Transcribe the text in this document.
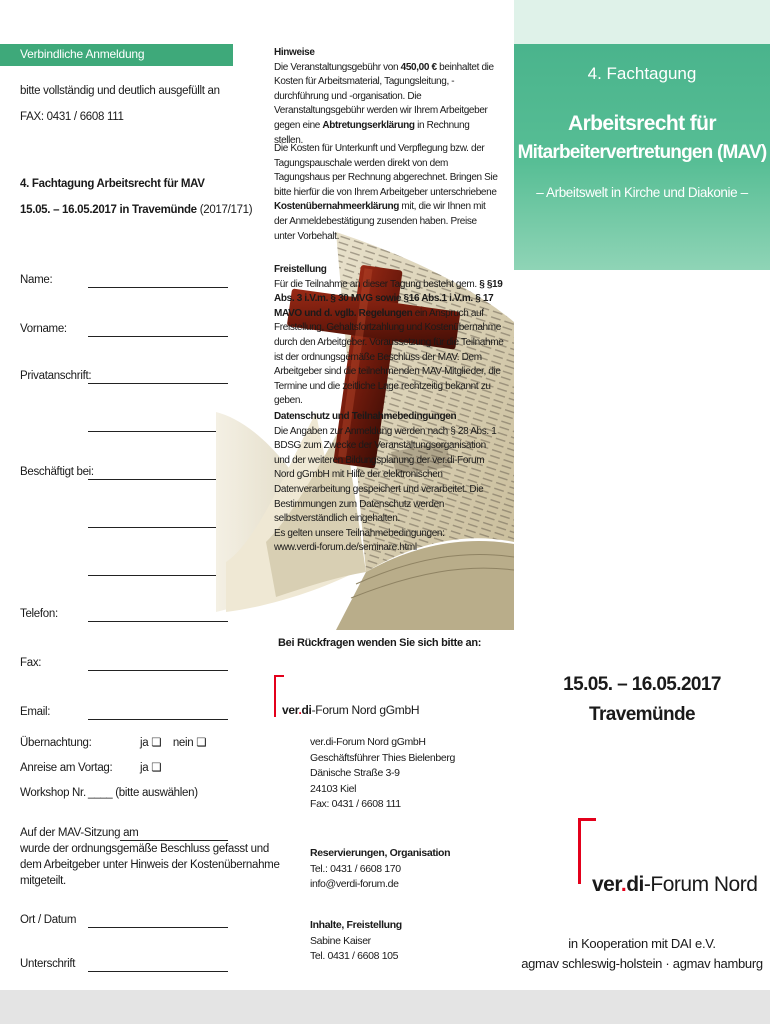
Verbindliche Anmeldung
bitte vollständig und deutlich ausgefüllt an
FAX: 0431 / 6608 111
4. Fachtagung Arbeitsrecht für MAV
15.05. – 16.05.2017 in Travemünde (2017/171)
Name:
Vorname:
Privatanschrift:
Beschäftigt bei:
Telefon:
Fax:
Email:
Übernachtung:	ja ❏    nein ❏
Anreise am Vortag: ja ❏
Workshop Nr. ____ (bitte auswählen)
Auf der MAV-Sitzung am
wurde der ordnungsgemäße Beschluss gefasst und
dem Arbeitgeber unter Hinweis der Kostenübernahme
mitgeteilt.
Ort / Datum
Unterschrift
Hinweise
Die Veranstaltungsgebühr von 450,00 € beinhaltet die Kosten für Arbeitsmaterial, Tagungsleitung, -durchführung und -organisation. Die Veranstaltungsgebühr werden wir Ihrem Arbeitgeber gegen eine Abtretungserklärung in Rechnung stellen.
Die Kosten für Unterkunft und Verpflegung bzw. der Tagungspauschale werden direkt von dem Tagungshaus per Rechnung abgerechnet. Bringen Sie bitte hierfür die von Ihrem Arbeitgeber unterschriebene Kostenübernahmeerklärung mit, die wir Ihnen mit der Anmeldebestätigung zusenden haben. Preise unter Vorbehalt.
Freistellung
Für die Teilnahme an dieser Tagung besteht gem. § §19 Abs. 3 i.V.m. § 30 MVG sowie §16 Abs.1 i.V.m. § 17 MAVO und d. vglb. Regelungen ein Anspruch auf Freistellung, Gehaltsfortzahlung und Kostenübernahme durch den Arbeitgeber. Voraussetzung für die Teilnahme ist der ordnungsgemäße Beschluss der MAV. Dem Arbeitgeber sind die teilnehmenden MAV-Mitglieder, die Termine und die zeitliche Lage rechtzeitig bekannt zu geben.
Datenschutz und Teilnahmebedingungen
Die Angaben zur Anmeldung werden nach § 28 Abs. 1 BDSG zum Zwecke der Veranstaltungsorganisation und der weiteren Bildungsplanung der ver.di-Forum Nord gGmbH mit Hilfe der elektronischen Datenverarbeitung gespeichert und verarbeitet. Die Bestimmungen zum Datenschutz werden selbstverständlich eingehalten.
Es gelten unsere Teilnahmebedingungen:
www.verdi-forum.de/seminare.html
Bei Rückfragen wenden Sie sich bitte an:
ver.di-Forum Nord gGmbH
ver.di-Forum Nord gGmbH
Geschäftsführer Thies Bielenberg
Dänische Straße 3-9
24103 Kiel
Fax: 0431 / 6608 111
Reservierungen, Organisation
Tel.: 0431 / 6608 170
info@verdi-forum.de
Inhalte, Freistellung
Sabine Kaiser
Tel. 0431 / 6608 105
4. Fachtagung
Arbeitsrecht für
Mitarbeitervertretungen (MAV)
– Arbeitswelt in Kirche und Diakonie –
15.05. – 16.05.2017
Travemünde
ver.di-Forum Nord
in Kooperation mit DAI e.V.
agmav schleswig-holstein · agmav hamburg
